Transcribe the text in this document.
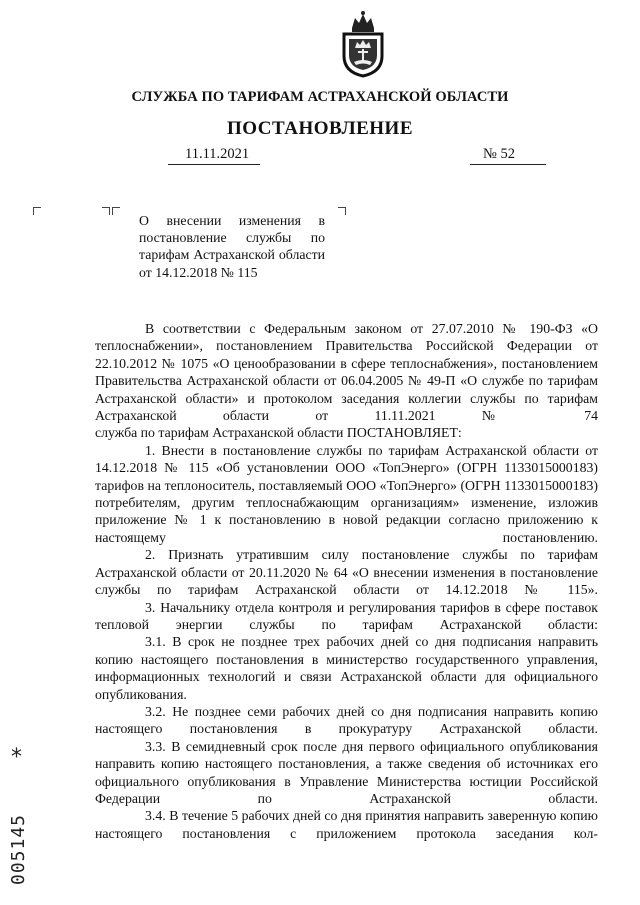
СЛУЖБА ПО ТАРИФАМ АСТРАХАНСКОЙ ОБЛАСТИ
ПОСТАНОВЛЕНИЕ
11.11.2021	№ 52
О внесении изменения в постановление службы по тарифам Астраханской области от 14.12.2018 № 115

В соответствии с Федеральным законом от 27.07.2010 № 190-ФЗ «О теплоснабжении», постановлением Правительства Российской Федерации от 22.10.2012 № 1075 «О ценообразовании в сфере теплоснабжения», постановлением Правительства Астраханской области от 06.04.2005 № 49-П «О службе по тарифам Астраханской области» и протоколом заседания коллегии службы по тарифам Астраханской области от 11.11.2021 № 74

служба по тарифам Астраханской области ПОСТАНОВЛЯЕТ:

1. Внести в постановление службы по тарифам Астраханской области от 14.12.2018 № 115 «Об установлении ООО «ТопЭнерго» (ОГРН 1133015000183) тарифов на теплоноситель, поставляемый ООО «ТопЭнерго» (ОГРН 1133015000183) потребителям, другим теплоснабжающим организациям» изменение, изложив приложение № 1 к постановлению в новой редакции согласно приложению к настоящему постановлению.

2. Признать утратившим силу постановление службы по тарифам Астраханской области от 20.11.2020 № 64 «О внесении изменения в постановление службы по тарифам Астраханской области от 14.12.2018 № 115».

3. Начальнику отдела контроля и регулирования тарифов в сфере поставок тепловой энергии службы по тарифам Астраханской области:

3.1. В срок не позднее трех рабочих дней со дня подписания направить копию настоящего постановления в министерство государственного управления, информационных технологий и связи Астраханской области для официального опубликования.

3.2. Не позднее семи рабочих дней со дня подписания направить копию настоящего постановления в прокуратуру Астраханской области.

3.3. В семидневный срок после дня первого официального опубликования направить копию настоящего постановления, а также сведения об источниках его официального опубликования в Управление Министерства юстиции Российской Федерации по Астраханской области.

3.4. В течение 5 рабочих дней со дня принятия направить заверенную копию настоящего постановления с приложением протокола заседания кол-

*
005145
